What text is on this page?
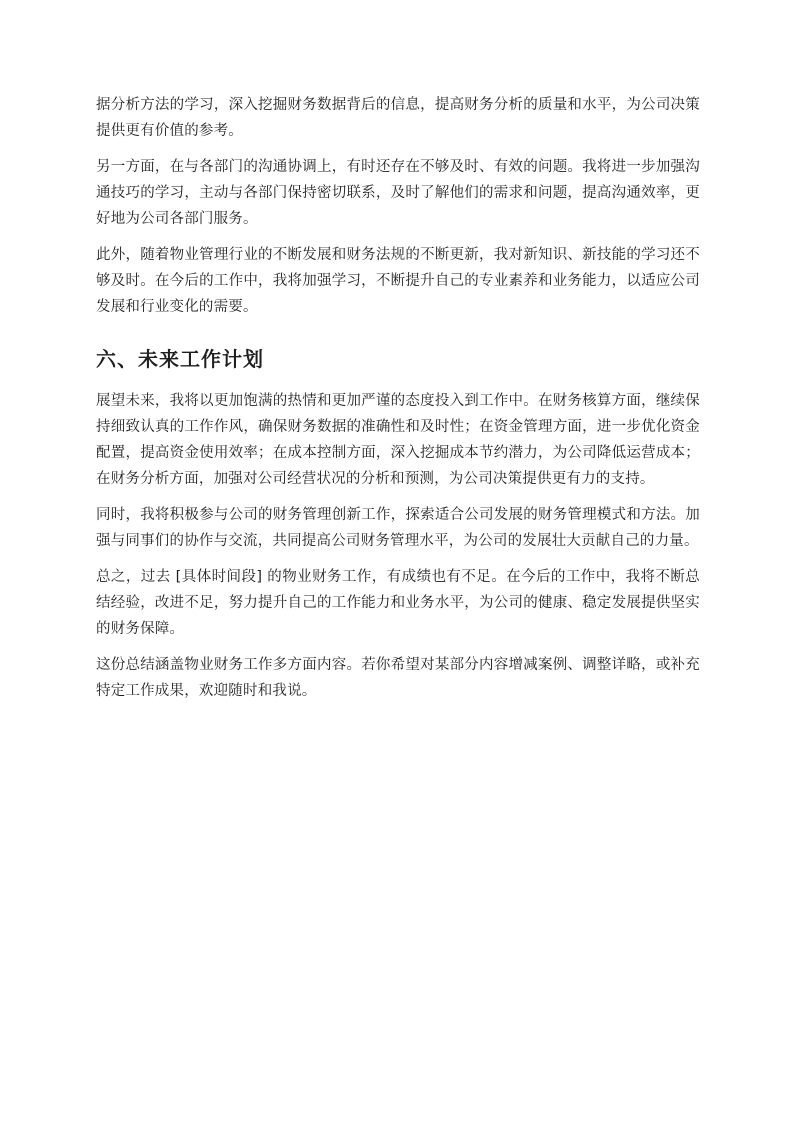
据分析方法的学习，深入挖掘财务数据背后的信息，提高财务分析的质量和水平，为公司决策提供更有价值的参考。

另一方面，在与各部门的沟通协调上，有时还存在不够及时、有效的问题。我将进一步加强沟通技巧的学习，主动与各部门保持密切联系，及时了解他们的需求和问题，提高沟通效率，更好地为公司各部门服务。

此外，随着物业管理行业的不断发展和财务法规的不断更新，我对新知识、新技能的学习还不够及时。在今后的工作中，我将加强学习，不断提升自己的专业素养和业务能力，以适应公司发展和行业变化的需要。

六、未来工作计划

展望未来，我将以更加饱满的热情和更加严谨的态度投入到工作中。在财务核算方面，继续保持细致认真的工作作风，确保财务数据的准确性和及时性；在资金管理方面，进一步优化资金配置，提高资金使用效率；在成本控制方面，深入挖掘成本节约潜力，为公司降低运营成本；在财务分析方面，加强对公司经营状况的分析和预测，为公司决策提供更有力的支持。

同时，我将积极参与公司的财务管理创新工作，探索适合公司发展的财务管理模式和方法。加强与同事们的协作与交流，共同提高公司财务管理水平，为公司的发展壮大贡献自己的力量。

总之，过去 [具体时间段] 的物业财务工作，有成绩也有不足。在今后的工作中，我将不断总结经验，改进不足，努力提升自己的工作能力和业务水平，为公司的健康、稳定发展提供坚实的财务保障。

这份总结涵盖物业财务工作多方面内容。若你希望对某部分内容增减案例、调整详略，或补充特定工作成果，欢迎随时和我说。
